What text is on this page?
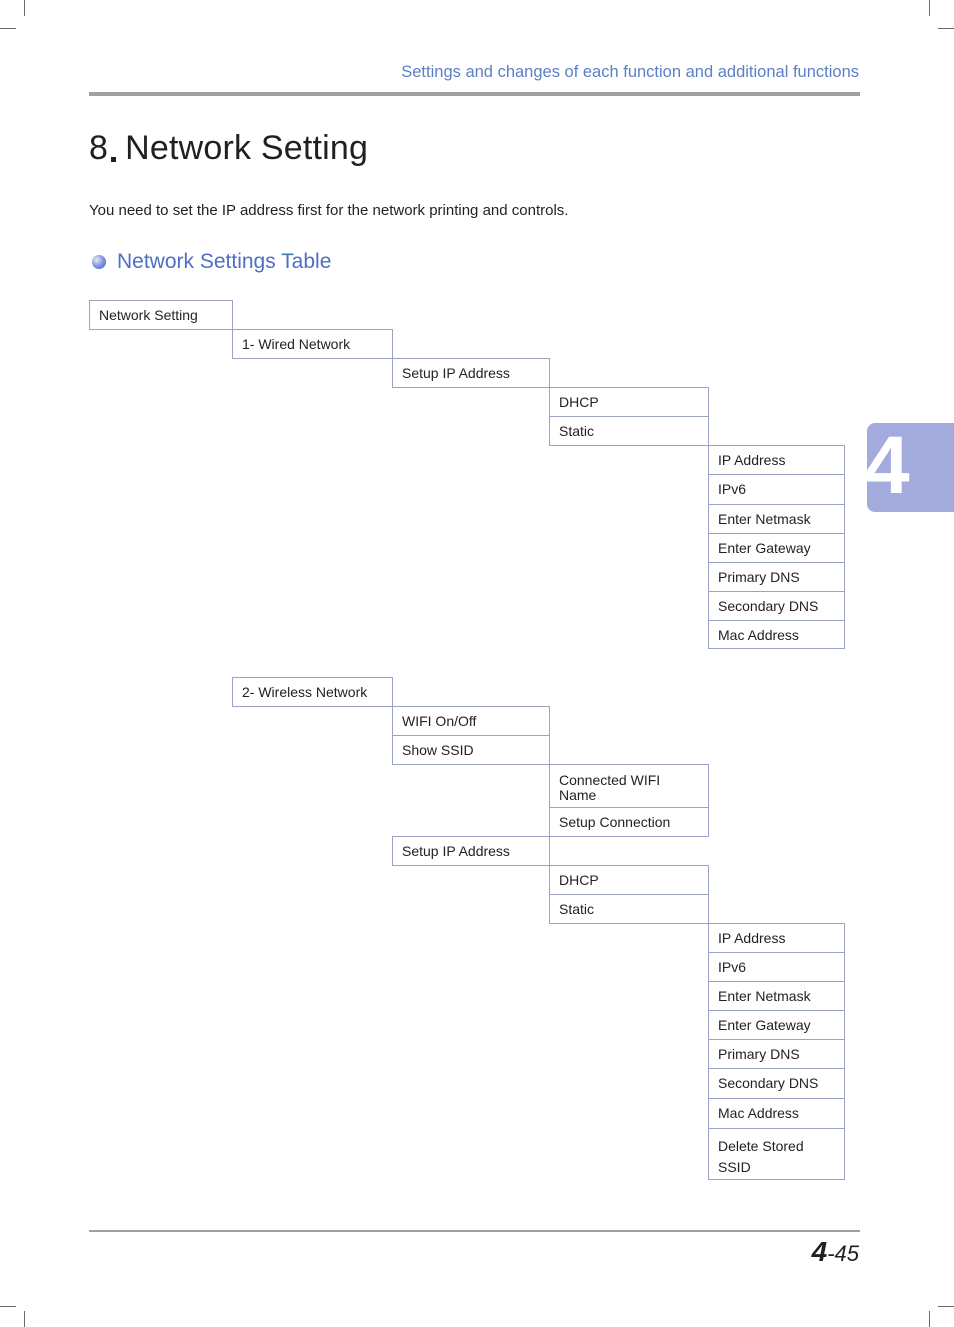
Settings and changes of each function and additional functions
8 Network Setting
You need to set the IP address first for the network printing and controls.
Network Settings Table
Network Setting
1- Wired Network
Setup IP Address
DHCP
Static
IP Address
IPv6
Enter Netmask
Enter Gateway
Primary DNS
Secondary DNS
Mac Address
2- Wireless Network
WIFI On/Off
Show SSID
Connected WIFI Name
Setup Connection
Setup IP Address
DHCP
Static
IP Address
IPv6
Enter Netmask
Enter Gateway
Primary DNS
Secondary DNS
Mac Address
Delete Stored SSID
4
4-45
